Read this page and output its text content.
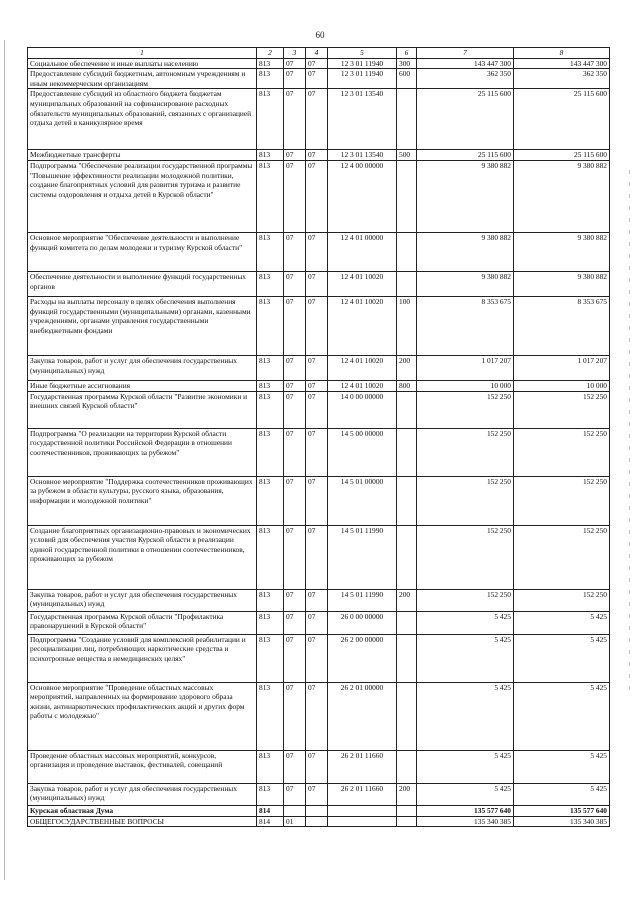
60
1	2	3	4	5	6	7	8
Социальное обеспечение и иные выплаты населению	813	07	07	12 3 01 11940	300	143 447 300	143 447 300
Предоставление субсидий бюджетным, автономным учреждениям и иным некоммерческим организациям	813	07	07	12 3 01 11940	600	362 350	362 350
Предоставление субсидий из областного бюджета бюджетам муниципальных образований на софинансирование расходных обязательств муниципальных образований, связанных с организацией отдыха детей в каникулярное время	813	07	07	12 3 01 13540		25 115 600	25 115 600
Межбюджетные трансферты	813	07	07	12 3 01 13540	500	25 115 600	25 115 600
Подпрограмма "Обеспечение реализации государственной программы "Повышение эффективности реализации молодежной политики, создание благоприятных условий для развития туризма и развитие системы оздоровления и отдыха детей в Курской области"	813	07	07	12 4 00 00000		9 380 882	9 380 882
Основное мероприятие "Обеспечение деятельности и выполнение функций комитета по делам молодежи и туризму Курской области"	813	07	07	12 4 01 00000		9 380 882	9 380 882
Обеспечение деятельности и выполнение функций государственных органов	813	07	07	12 4 01 10020		9 380 882	9 380 882
Расходы на выплаты персоналу в целях обеспечения выполнения функций государственными (муниципальными) органами, казенными учреждениями, органами управления государственными внебюджетными фондами	813	07	07	12 4 01 10020	100	8 353 675	8 353 675
Закупка товаров, работ и услуг для обеспечения государственных (муниципальных) нужд	813	07	07	12 4 01 10020	200	1 017 207	1 017 207
Иные бюджетные ассигнования	813	07	07	12 4 01 10020	800	10 000	10 000
Государственная программа Курской области "Развитие экономики и внешних связей Курской области"	813	07	07	14 0 00 00000		152 250	152 250
Подпрограмма "О реализации на территории Курской области государственной политики Российской Федерации в отношении соотечественников, проживающих за рубежом"	813	07	07	14 5 00 00000		152 250	152 250
Основное мероприятие "Поддержка соотечественников проживающих за рубежом в области культуры, русского языка, образования, информации и молодежной политики"	813	07	07	14 5 01 00000		152 250	152 250
Создание благоприятных организационно-правовых и экономических условий для обеспечения участия Курской области в реализации единой государственной политики в отношении соотечественников, проживающих за рубежом	813	07	07	14 5 01 11990		152 250	152 250
Закупка товаров, работ и услуг для обеспечения государственных (муниципальных) нужд	813	07	07	14 5 01 11990	200	152 250	152 250
Государственная программа Курской области "Профилактика правонарушений в Курской области"	813	07	07	26 0 00 00000		5 425	5 425
Подпрограмма "Создание условий для комплексной реабилитации и ресоциализации лиц, потребляющих наркотические средства и психотропные вещества в немедицинских целях"	813	07	07	26 2 00 00000		5 425	5 425
Основное мероприятие "Проведение областных массовых мероприятий, направленных на формирование здорового образа жизни, антинаркотических профилактических акций и других форм работы с молодежью"	813	07	07	26 2 01 00000		5 425	5 425
Проведение областных массовых мероприятий, конкурсов, организация и проведение выставок, фестивалей, совещаний	813	07	07	26 2 01 11660		5 425	5 425
Закупка товаров, работ и услуг для обеспечения государственных (муниципальных) нужд	813	07	07	26 2 01 11660	200	5 425	5 425
Курская областная Дума	814					135 577 640	135 577 640
ОБЩЕГОСУДАРСТВЕННЫЕ ВОПРОСЫ	814	01				135 340 385	135 340 385
